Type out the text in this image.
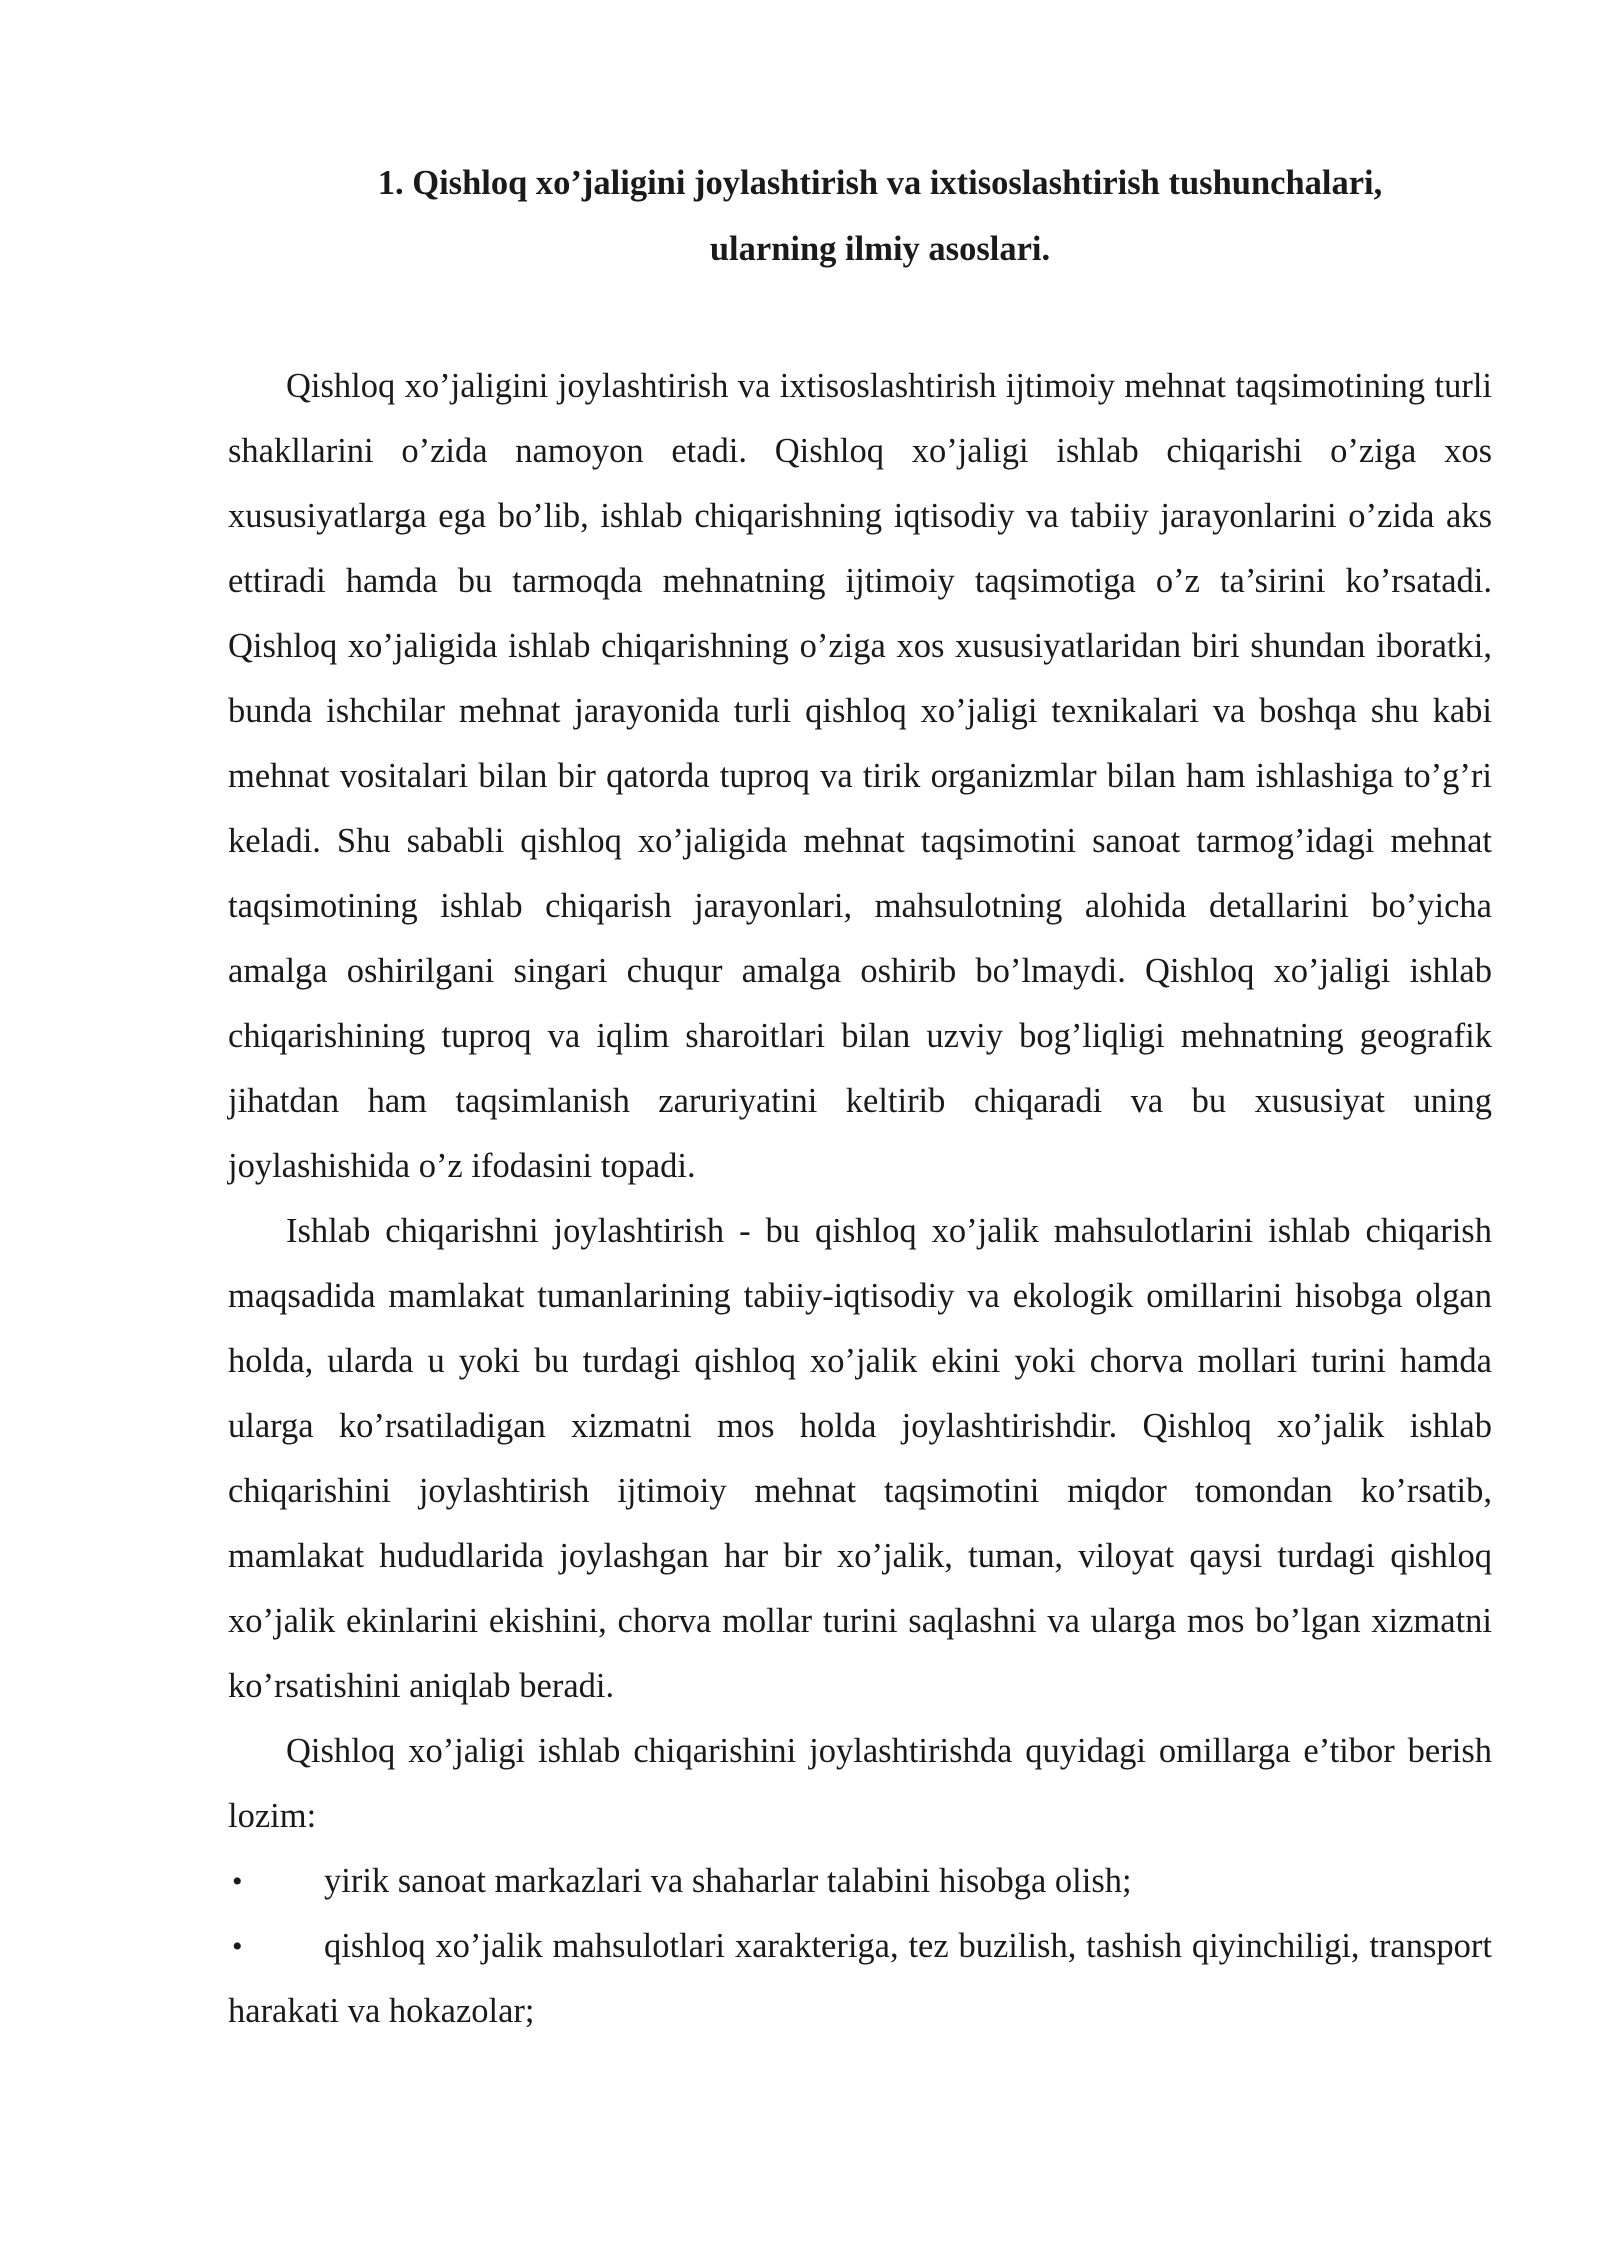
1. Qishloq xo’jaligini joylashtirish va ixtisoslashtirish tushunchalari,
ularning ilmiy asoslari.

Qishloq xo’jaligini joylashtirish va ixtisoslashtirish ijtimoiy mehnat taqsimotining turli shakllarini o’zida namoyon etadi. Qishloq xo’jaligi ishlab chiqarishi o’ziga xos xususiyatlarga ega bo’lib, ishlab chiqarishning iqtisodiy va tabiiy jarayonlarini o’zida aks ettiradi hamda bu tarmoqda mehnatning ijtimoiy taqsimotiga o’z ta’sirini ko’rsatadi. Qishloq xo’jaligida ishlab chiqarishning o’ziga xos xususiyatlaridan biri shundan iboratki, bunda ishchilar mehnat jarayonida turli qishloq xo’jaligi texnikalari va boshqa shu kabi mehnat vositalari bilan bir qatorda tuproq va tirik organizmlar bilan ham ishlashiga to’g’ri keladi. Shu sababli qishloq xo’jaligida mehnat taqsimotini sanoat tarmog’idagi mehnat taqsimotining ishlab chiqarish jarayonlari, mahsulotning alohida detallarini bo’yicha amalga oshirilgani singari chuqur amalga oshirib bo’lmaydi. Qishloq xo’jaligi ishlab chiqarishining tuproq va iqlim sharoitlari bilan uzviy bog’liqligi mehnatning geografik jihatdan ham taqsimlanish zaruriyatini keltirib chiqaradi va bu xususiyat uning joylashishida o’z ifodasini topadi.

Ishlab chiqarishni joylashtirish - bu qishloq xo’jalik mahsulotlarini ishlab chiqarish maqsadida mamlakat tumanlarining tabiiy-iqtisodiy va ekologik omillarini hisobga olgan holda, ularda u yoki bu turdagi qishloq xo’jalik ekini yoki chorva mollari turini hamda ularga ko’rsatiladigan xizmatni mos holda joylashtirishdir. Qishloq xo’jalik ishlab chiqarishini joylashtirish ijtimoiy mehnat taqsimotini miqdor tomondan ko’rsatib, mamlakat hududlarida joylashgan har bir xo’jalik, tuman, viloyat qaysi turdagi qishloq xo’jalik ekinlarini ekishini, chorva mollar turini saqlashni va ularga mos bo’lgan xizmatni ko’rsatishini aniqlab beradi.

Qishloq xo’jaligi ishlab chiqarishini joylashtirishda quyidagi omillarga e’tibor berish lozim:

• yirik sanoat markazlari va shaharlar talabini hisobga olish;
• qishloq xo’jalik mahsulotlari xarakteriga, tez buzilish, tashish qiyinchiligi, transport harakati va hokazolar;
